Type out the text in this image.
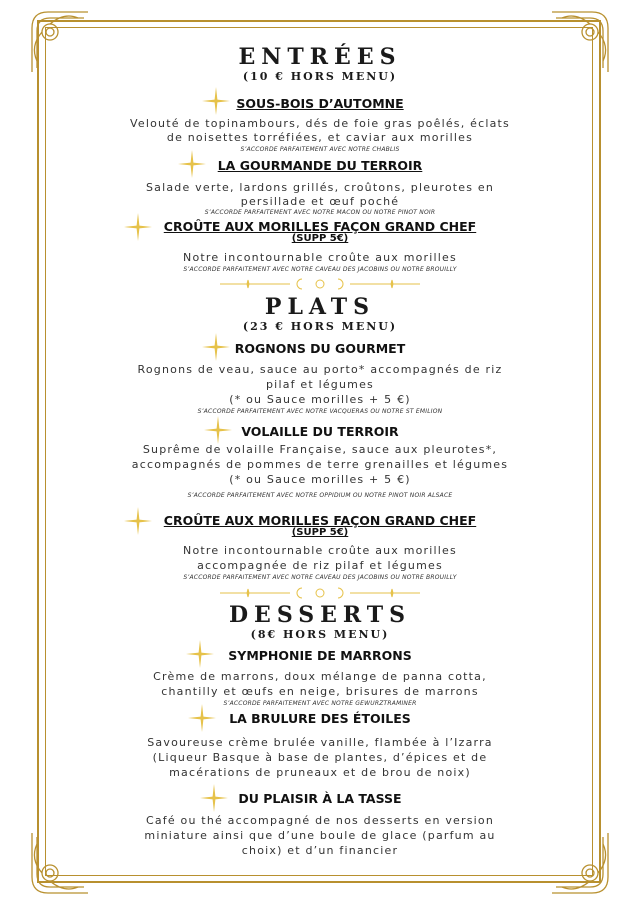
ENTRÉES
(10 € HORS MENU)
SOUS-BOIS D’AUTOMNE
Velouté de topinambours, dés de foie gras poêlés, éclats
de noisettes torréfiées, et caviar aux morilles
S’ACCORDE PARFAITEMENT AVEC NOTRE CHABLIS
LA GOURMANDE DU TERROIR
Salade verte, lardons grillés, croûtons, pleurotes en
persillade et œuf poché
S’ACCORDE PARFAITEMENT AVEC NOTRE MACON OU NOTRE PINOT NOIR
CROÛTE AUX MORILLES FAÇON GRAND CHEF
(SUPP 5€)
Notre incontournable croûte aux morilles
S’ACCORDE PARFAITEMENT AVEC NOTRE CAVEAU DES JACOBINS OU NOTRE BROUILLY
PLATS
(23 € HORS MENU)
ROGNONS DU GOURMET
Rognons de veau, sauce au porto* accompagnés de riz
pilaf et légumes
(* ou Sauce morilles + 5 €)
S’ACCORDE PARFAITEMENT AVEC NOTRE VACQUERAS OU NOTRE ST EMILION
VOLAILLE DU TERROIR
Suprême de volaille Française, sauce aux pleurotes*,
accompagnés de pommes de terre grenailles et légumes
(* ou Sauce morilles + 5 €)
S’ACCORDE PARFAITEMENT AVEC NOTRE OPPIDIUM OU NOTRE PINOT NOIR ALSACE
CROÛTE AUX MORILLES FAÇON GRAND CHEF
(SUPP 5€)
Notre incontournable croûte aux morilles
accompagnée de riz pilaf et légumes
S’ACCORDE PARFAITEMENT AVEC NOTRE CAVEAU DES JACOBINS OU NOTRE BROUILLY
DESSERTS
(8€ HORS MENU)
SYMPHONIE DE MARRONS
Crème de marrons, doux mélange de panna cotta,
chantilly et œufs en neige, brisures de marrons
S’ACCORDE PARFAITEMENT AVEC NOTRE GEWURZTRAMINER
LA BRULURE DES ÉTOILES
Savoureuse crème brulée vanille, flambée à l’Izarra
(Liqueur Basque à base de plantes, d’épices et de
macérations de pruneaux et de brou de noix)
DU PLAISIR À LA TASSE
Café ou thé accompagné de nos desserts en version
miniature ainsi que d’une boule de glace (parfum au
choix) et d’un financier
